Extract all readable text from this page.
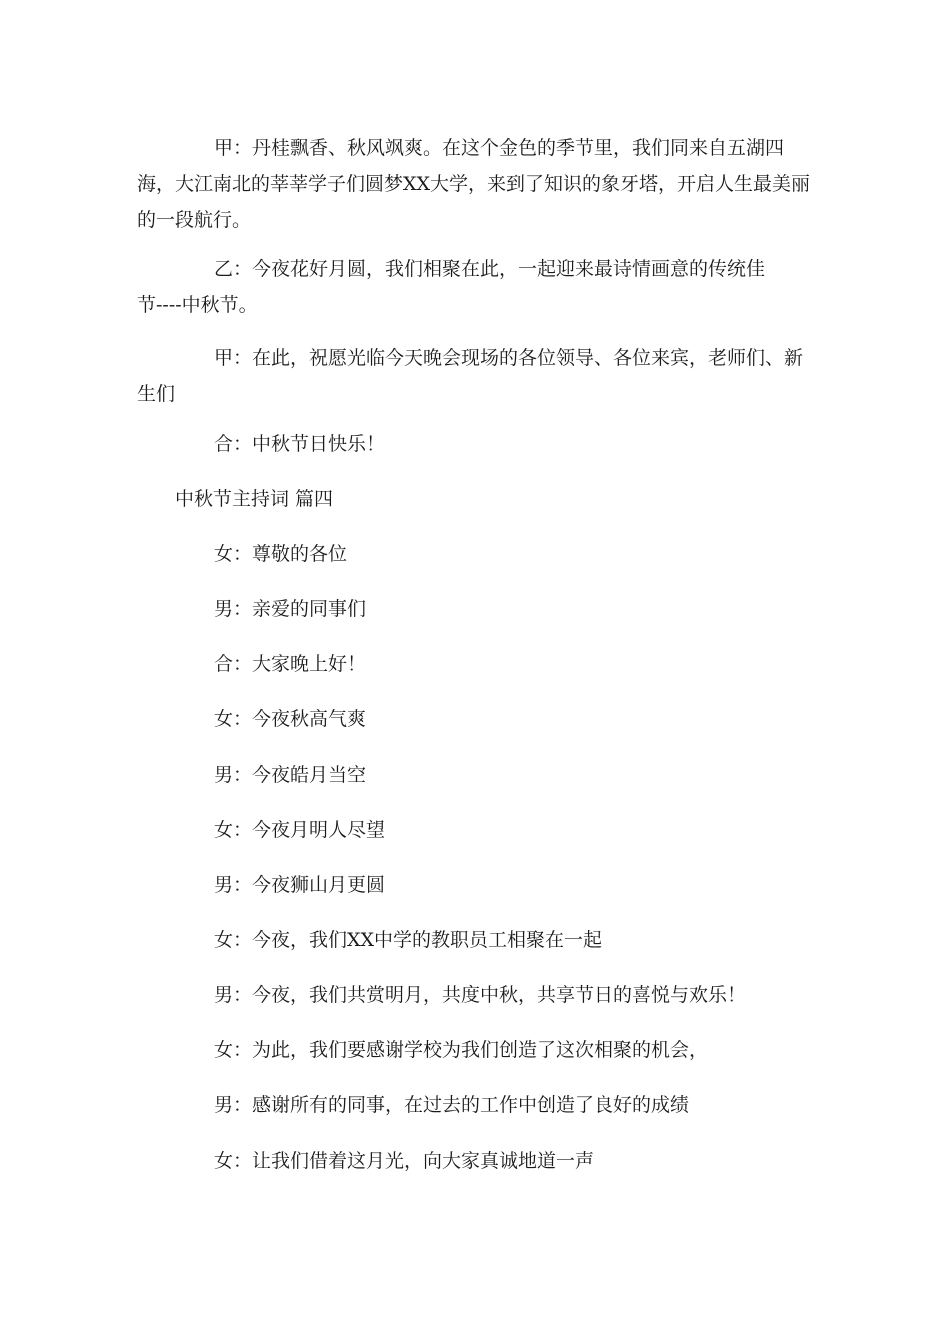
甲：丹桂飘香、秋风飒爽。在这个金色的季节里，我们同来自五湖四海，大江南北的莘莘学子们圆梦XX大学，来到了知识的象牙塔，开启人生最美丽的一段航行。

乙：今夜花好月圆，我们相聚在此，一起迎来最诗情画意的传统佳节----中秋节。

甲：在此，祝愿光临今天晚会现场的各位领导、各位来宾，老师们、新生们

合：中秋节日快乐！

中秋节主持词 篇四

女：尊敬的各位

男：亲爱的同事们

合：大家晚上好！

女：今夜秋高气爽

男：今夜皓月当空

女：今夜月明人尽望

男：今夜狮山月更圆

女：今夜，我们XX中学的教职员工相聚在一起

男：今夜，我们共赏明月，共度中秋，共享节日的喜悦与欢乐！

女：为此，我们要感谢学校为我们创造了这次相聚的机会，

男：感谢所有的同事，在过去的工作中创造了良好的成绩

女：让我们借着这月光，向大家真诚地道一声
